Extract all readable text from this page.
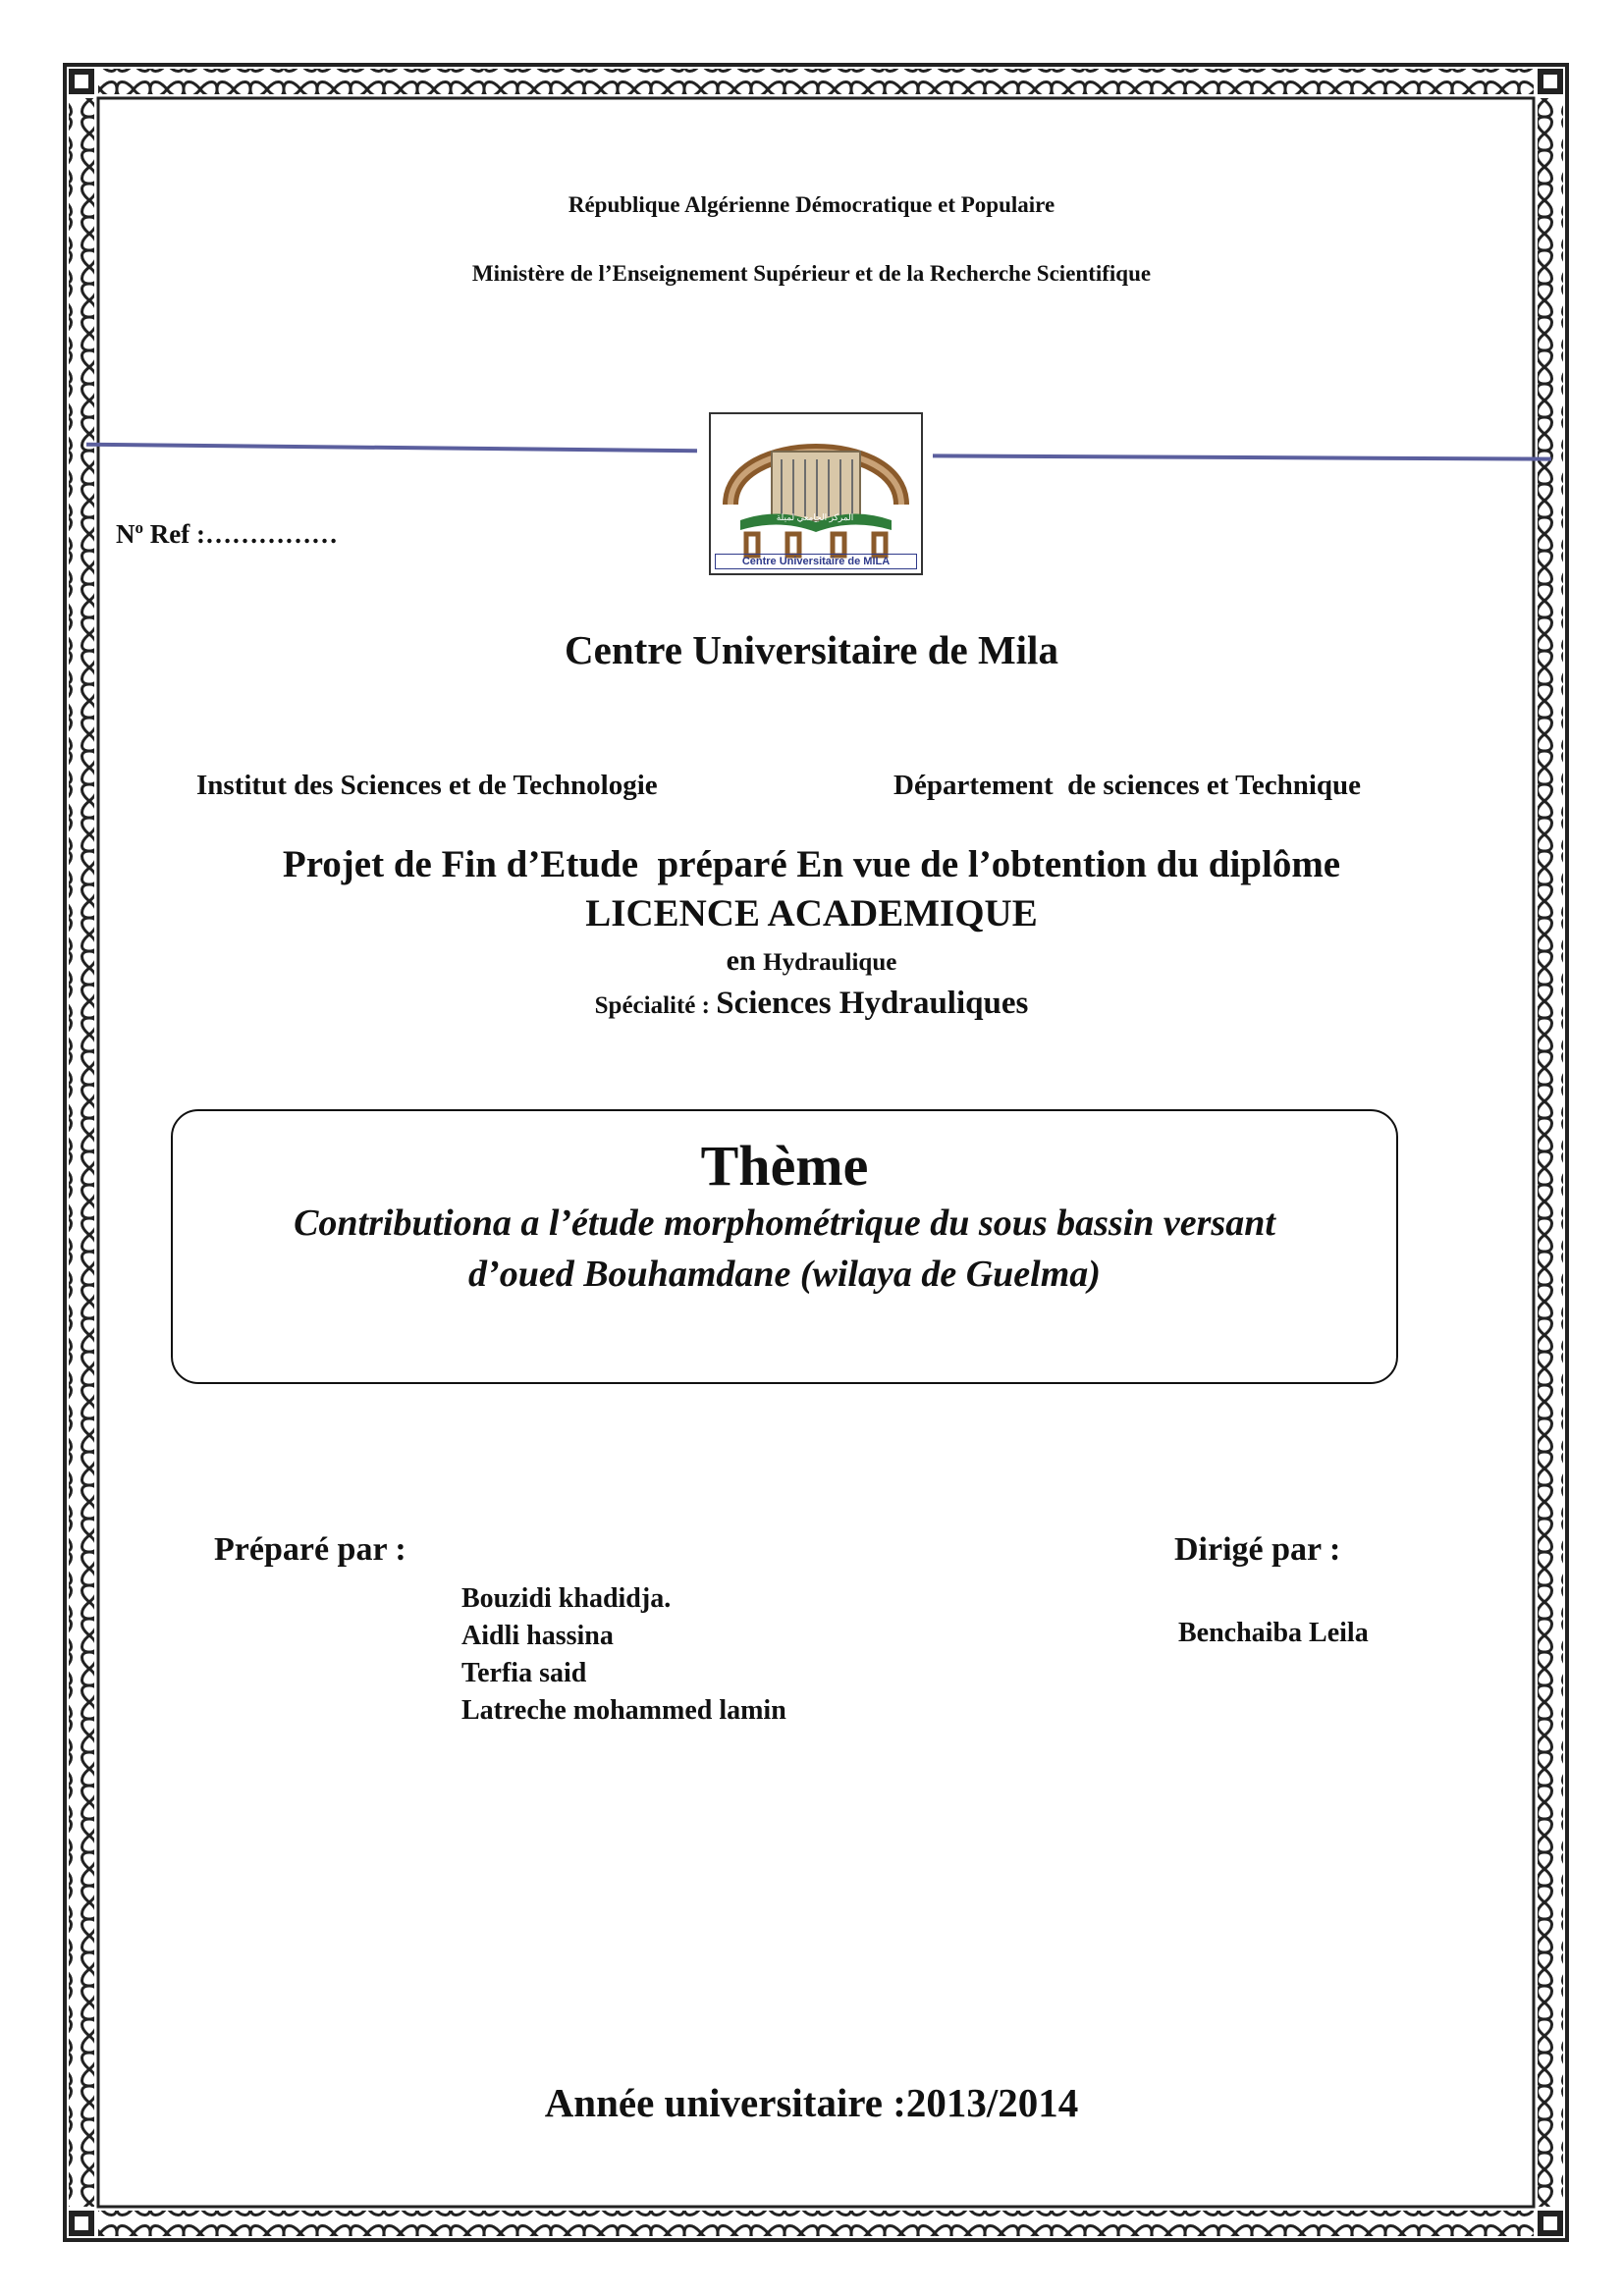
République Algérienne Démocratique et Populaire
Ministère de l’Enseignement Supérieur et de la Recherche Scientifique
المركز الجامعي لميلة
Centre Universitaire de MILA
$N^o$ Ref :……………
Centre Universitaire de Mila
Institut des Sciences et de Technologie	Département  de sciences et Technique
Projet de Fin d’Etude  préparé En vue de l’obtention du diplôme
LICENCE ACADEMIQUE
en Hydraulique
Spécialité : Sciences Hydrauliques
Thème
Contributiona a l’étude morphométrique du sous bassin versant
d’oued Bouhamdane (wilaya de Guelma)
Préparé par :
Bouzidi khadidja.
Aidli hassina
Terfia said
Latreche mohammed lamin
Dirigé par :
Benchaiba Leila
Année universitaire :2013/2014
